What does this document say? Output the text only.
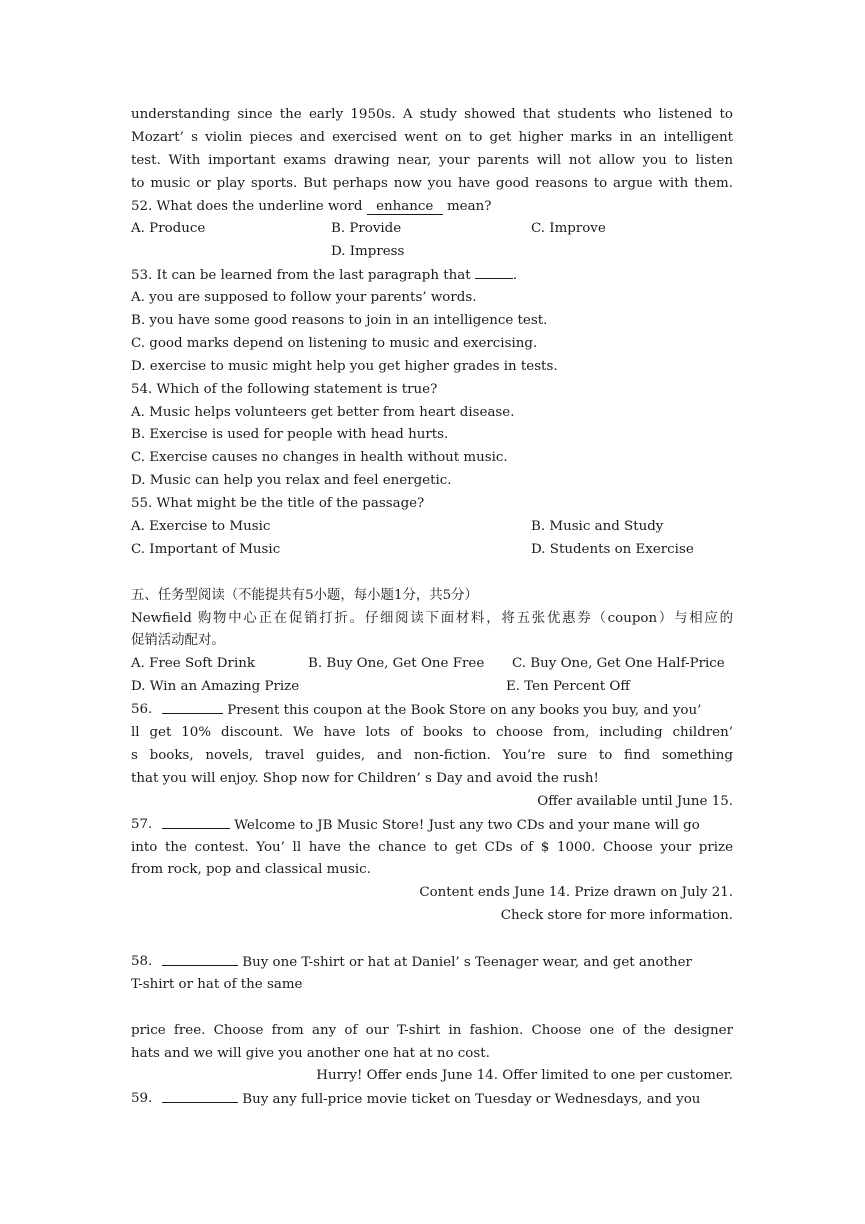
understanding since the early 1950s. A study showed that students who listened to
Mozart’ s violin pieces and exercised went on to get higher marks in an intelligent
test. With important exams drawing near, your parents will not allow you to listen
to music or play sports. But perhaps now you have good reasons to argue with them.
52. What does the underline word enhance mean?
A. Produce	B. Provide	C. Improve
D. Impress
53. It can be learned from the last paragraph that	.
A. you are supposed to follow your parents’ words.
B. you have some good reasons to join in an intelligence test.
C. good marks depend on listening to music and exercising.
D. exercise to music might help you get higher grades in tests.
54. Which of the following statement is true?
A. Music helps volunteers get better from heart disease.
B. Exercise is used for people with head hurts.
C. Exercise causes no changes in health without music.
D. Music can help you relax and feel energetic.
55. What might be the title of the passage?
A. Exercise to Music	B. Music and Study
C. Important of Music	D. Students on Exercise
五、任务型阅读（不能提共有5小题，每小题1分，共5分）
Newfield 购物中心正在促销打折。仔细阅读下面材料，将五张优惠券（coupon）与相应的
促销活动配对。
A. Free Soft Drink	B. Buy One, Get One Free	C. Buy One, Get One Half-Price
D. Win an Amazing Prize	E. Ten Percent Off
56.	Present this coupon at the Book Store on any books you buy, and you’
ll get 10% discount. We have lots of books to choose from, including children’
s books, novels, travel guides, and non-fiction. You’re sure to find something
that you will enjoy. Shop now for Children’ s Day and avoid the rush!
Offer available until June 15.
57.	Welcome to JB Music Store! Just any two CDs and your mane will go
into the contest. You’ ll have the chance to get CDs of $ 1000. Choose your prize
from rock, pop and classical music.
Content ends June 14. Prize drawn on July 21.
Check store for more information.
58.	Buy one T-shirt or hat at Daniel’ s Teenager wear, and get another
T-shirt or hat of the same
price free. Choose from any of our T-shirt in fashion. Choose one of the designer
hats and we will give you another one hat at no cost.
Hurry! Offer ends June 14. Offer limited to one per customer.
59.	Buy any full-price movie ticket on Tuesday or Wednesdays, and you
